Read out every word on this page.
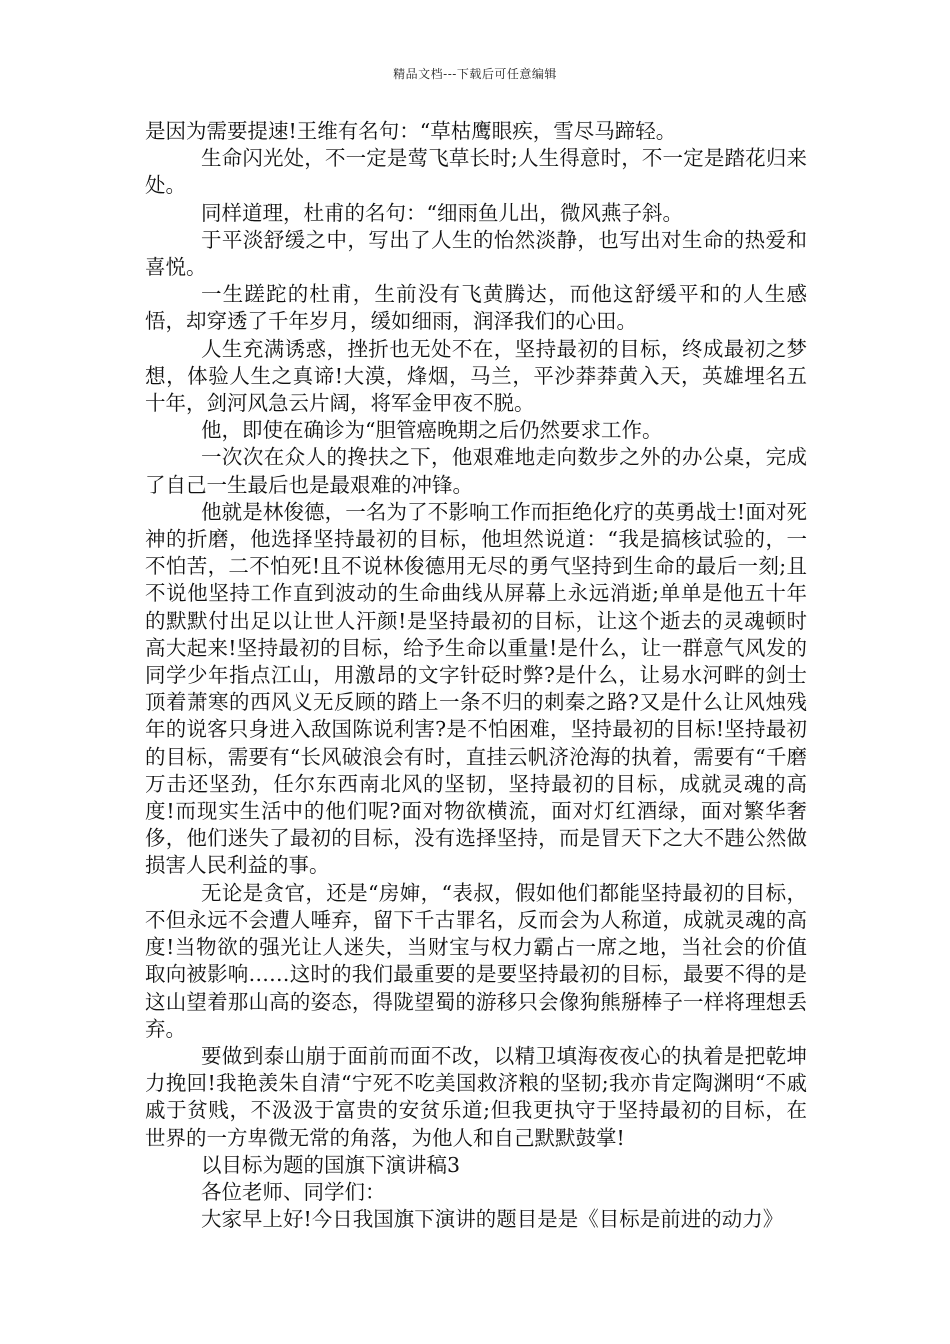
精品文档---下载后可任意编辑

是因为需要提速!王维有名句：“草枯鹰眼疾，雪尽马蹄轻。

生命闪光处，不一定是莺飞草长时;人生得意时，不一定是踏花归来处。

同样道理，杜甫的名句：“细雨鱼儿出，微风燕子斜。

于平淡舒缓之中，写出了人生的怡然淡静，也写出对生命的热爱和喜悦。

一生蹉跎的杜甫，生前没有飞黄腾达，而他这舒缓平和的人生感悟，却穿透了千年岁月，缓如细雨，润泽我们的心田。

人生充满诱惑，挫折也无处不在，坚持最初的目标，终成最初之梦想，体验人生之真谛!大漠，烽烟，马兰，平沙莽莽黄入天，英雄埋名五十年，剑河风急云片阔，将军金甲夜不脱。

他，即使在确诊为“胆管癌晚期之后仍然要求工作。

一次次在众人的搀扶之下，他艰难地走向数步之外的办公桌，完成了自己一生最后也是最艰难的冲锋。

他就是林俊德，一名为了不影响工作而拒绝化疗的英勇战士!面对死神的折磨，他选择坚持最初的目标，他坦然说道：“我是搞核试验的，一不怕苦，二不怕死!且不说林俊德用无尽的勇气坚持到生命的最后一刻;且不说他坚持工作直到波动的生命曲线从屏幕上永远消逝;单单是他五十年的默默付出足以让世人汗颜!是坚持最初的目标，让这个逝去的灵魂顿时高大起来!坚持最初的目标，给予生命以重量!是什么，让一群意气风发的同学少年指点江山，用激昂的文字针砭时弊?是什么，让易水河畔的剑士顶着萧寒的西风义无反顾的踏上一条不归的刺秦之路?又是什么让风烛残年的说客只身进入敌国陈说利害?是不怕困难，坚持最初的目标!坚持最初的目标，需要有“长风破浪会有时，直挂云帆济沧海的执着，需要有“千磨万击还坚劲，任尔东西南北风的坚韧，坚持最初的目标，成就灵魂的高度!而现实生活中的他们呢?面对物欲横流，面对灯红酒绿，面对繁华奢侈，他们迷失了最初的目标，没有选择坚持，而是冒天下之大不韪公然做损害人民利益的事。

无论是贪官，还是“房婶，“表叔，假如他们都能坚持最初的目标，不但永远不会遭人唾弃，留下千古罪名，反而会为人称道，成就灵魂的高度!当物欲的强光让人迷失，当财宝与权力霸占一席之地，当社会的价值取向被影响……这时的我们最重要的是要坚持最初的目标，最要不得的是这山望着那山高的姿态，得陇望蜀的游移只会像狗熊掰棒子一样将理想丢弃。

要做到泰山崩于面前而面不改，以精卫填海夜夜心的执着是把乾坤力挽回!我艳羡朱自清“宁死不吃美国救济粮的坚韧;我亦肯定陶渊明“不戚戚于贫贱，不汲汲于富贵的安贫乐道;但我更执守于坚持最初的目标，在世界的一方卑微无常的角落，为他人和自己默默鼓掌!

以目标为题的国旗下演讲稿3

各位老师、同学们：

大家早上好!今日我国旗下演讲的题目是是《目标是前进的动力》
